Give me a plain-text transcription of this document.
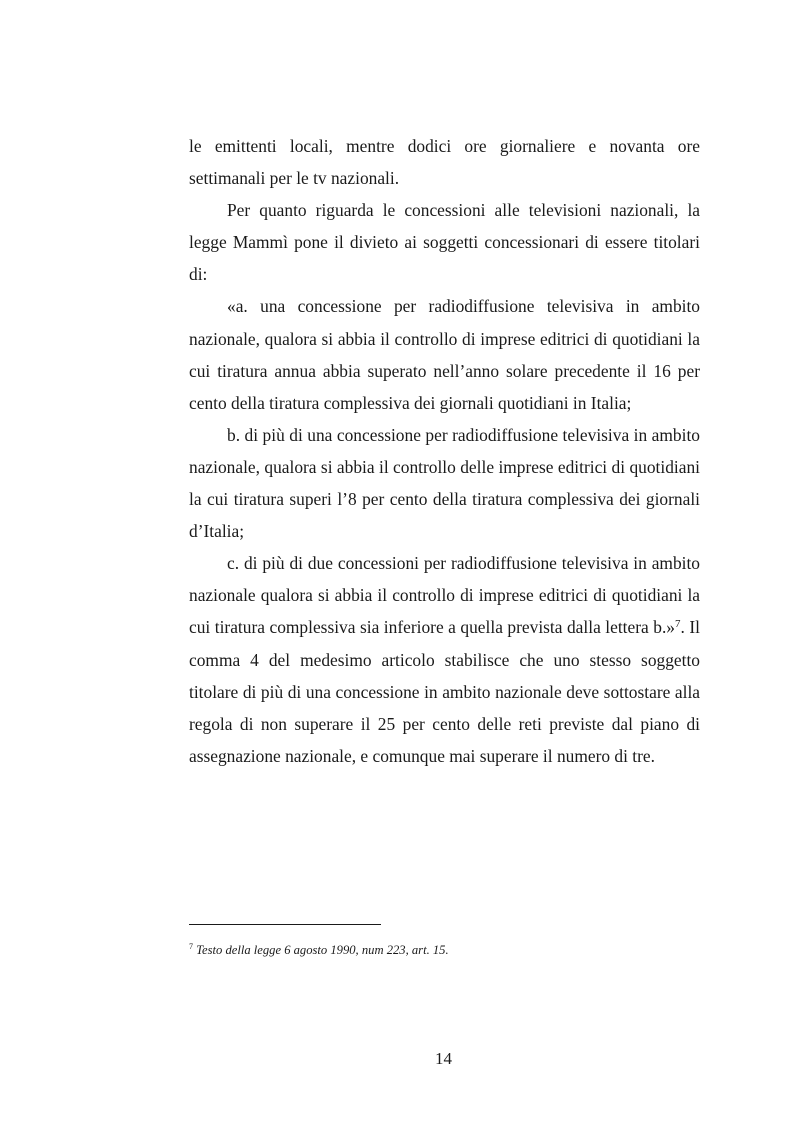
le emittenti locali, mentre dodici ore giornaliere e novanta ore settimanali per le tv nazionali.

Per quanto riguarda le concessioni alle televisioni nazionali, la legge Mammì pone il divieto ai soggetti concessionari di essere titolari di:

«a. una concessione per radiodiffusione televisiva in ambito nazionale, qualora si abbia il controllo di imprese editrici di quotidiani la cui tiratura annua abbia superato nell’anno solare precedente il 16 per cento della tiratura complessiva dei giornali quotidiani in Italia;

b. di più di una concessione per radiodiffusione televisiva in ambito nazionale, qualora si abbia il controllo delle imprese editrici di quotidiani la cui tiratura superi l’8 per cento della tiratura complessiva dei giornali d’Italia;

c. di più di due concessioni per radiodiffusione televisiva in ambito nazionale qualora si abbia il controllo di imprese editrici di quotidiani la cui tiratura complessiva sia inferiore a quella prevista dalla lettera b.»$^7$. Il comma 4 del medesimo articolo stabilisce che uno stesso soggetto titolare di più di una concessione in ambito nazionale deve sottostare alla regola di non superare il 25 per cento delle reti previste dal piano di assegnazione nazionale, e comunque mai superare il numero di tre.

$^7$ Testo della legge 6 agosto 1990, num 223, art. 15.
14
